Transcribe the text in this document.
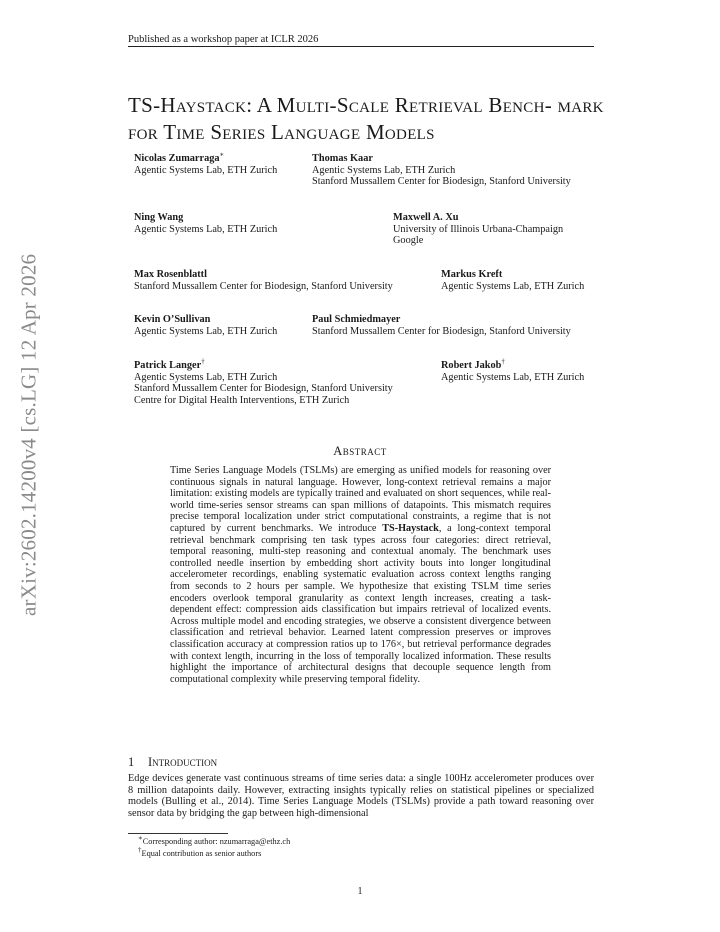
Published as a workshop paper at ICLR 2026
arXiv:2602.14200v4 [cs.LG] 12 Apr 2026
TS-Haystack: A Multi-Scale Retrieval Bench- mark for Time Series Language Models
Nicolas Zumarraga∗
Agentic Systems Lab, ETH Zurich
Thomas Kaar
Agentic Systems Lab, ETH Zurich
Stanford Mussallem Center for Biodesign, Stanford University
Ning Wang
Agentic Systems Lab, ETH Zurich
Maxwell A. Xu
University of Illinois Urbana-Champaign
Google
Max Rosenblattl
Stanford Mussallem Center for Biodesign, Stanford University
Markus Kreft
Agentic Systems Lab, ETH Zurich
Kevin O’Sullivan
Agentic Systems Lab, ETH Zurich
Paul Schmiedmayer
Stanford Mussallem Center for Biodesign, Stanford University
Patrick Langer†
Agentic Systems Lab, ETH Zurich
Stanford Mussallem Center for Biodesign, Stanford University
Centre for Digital Health Interventions, ETH Zurich
Robert Jakob†
Agentic Systems Lab, ETH Zurich
Abstract
Time Series Language Models (TSLMs) are emerging as unified models for reasoning over continuous signals in natural language. However, long-context retrieval remains a major limitation: existing models are typically trained and evaluated on short sequences, while real-world time-series sensor streams can span millions of datapoints. This mismatch requires precise temporal localization under strict computational constraints, a regime that is not captured by current benchmarks. We introduce TS-Haystack, a long-context temporal retrieval benchmark comprising ten task types across four categories: direct retrieval, temporal reasoning, multi-step reasoning and contextual anomaly. The benchmark uses controlled needle insertion by embedding short activity bouts into longer longitudinal accelerometer recordings, enabling systematic evaluation across context lengths ranging from seconds to 2 hours per sample. We hypothesize that existing TSLM time series encoders overlook temporal granularity as context length increases, creating a task-dependent effect: compression aids classification but impairs retrieval of localized events. Across multiple model and encoding strategies, we observe a consistent divergence between classification and retrieval behavior. Learned latent compression preserves or improves classification accuracy at compression ratios up to 176×, but retrieval performance degrades with context length, incurring in the loss of temporally localized information. These results highlight the importance of architectural designs that decouple sequence length from computational complexity while preserving temporal fidelity.
1 Introduction
Edge devices generate vast continuous streams of time series data: a single 100Hz accelerometer produces over 8 million datapoints daily. However, extracting insights typically relies on statistical pipelines or specialized models (Bulling et al., 2014). Time Series Language Models (TSLMs) provide a path toward reasoning over sensor data by bridging the gap between high-dimensional
∗Corresponding author: nzumarraga@ethz.ch
†Equal contribution as senior authors
1
